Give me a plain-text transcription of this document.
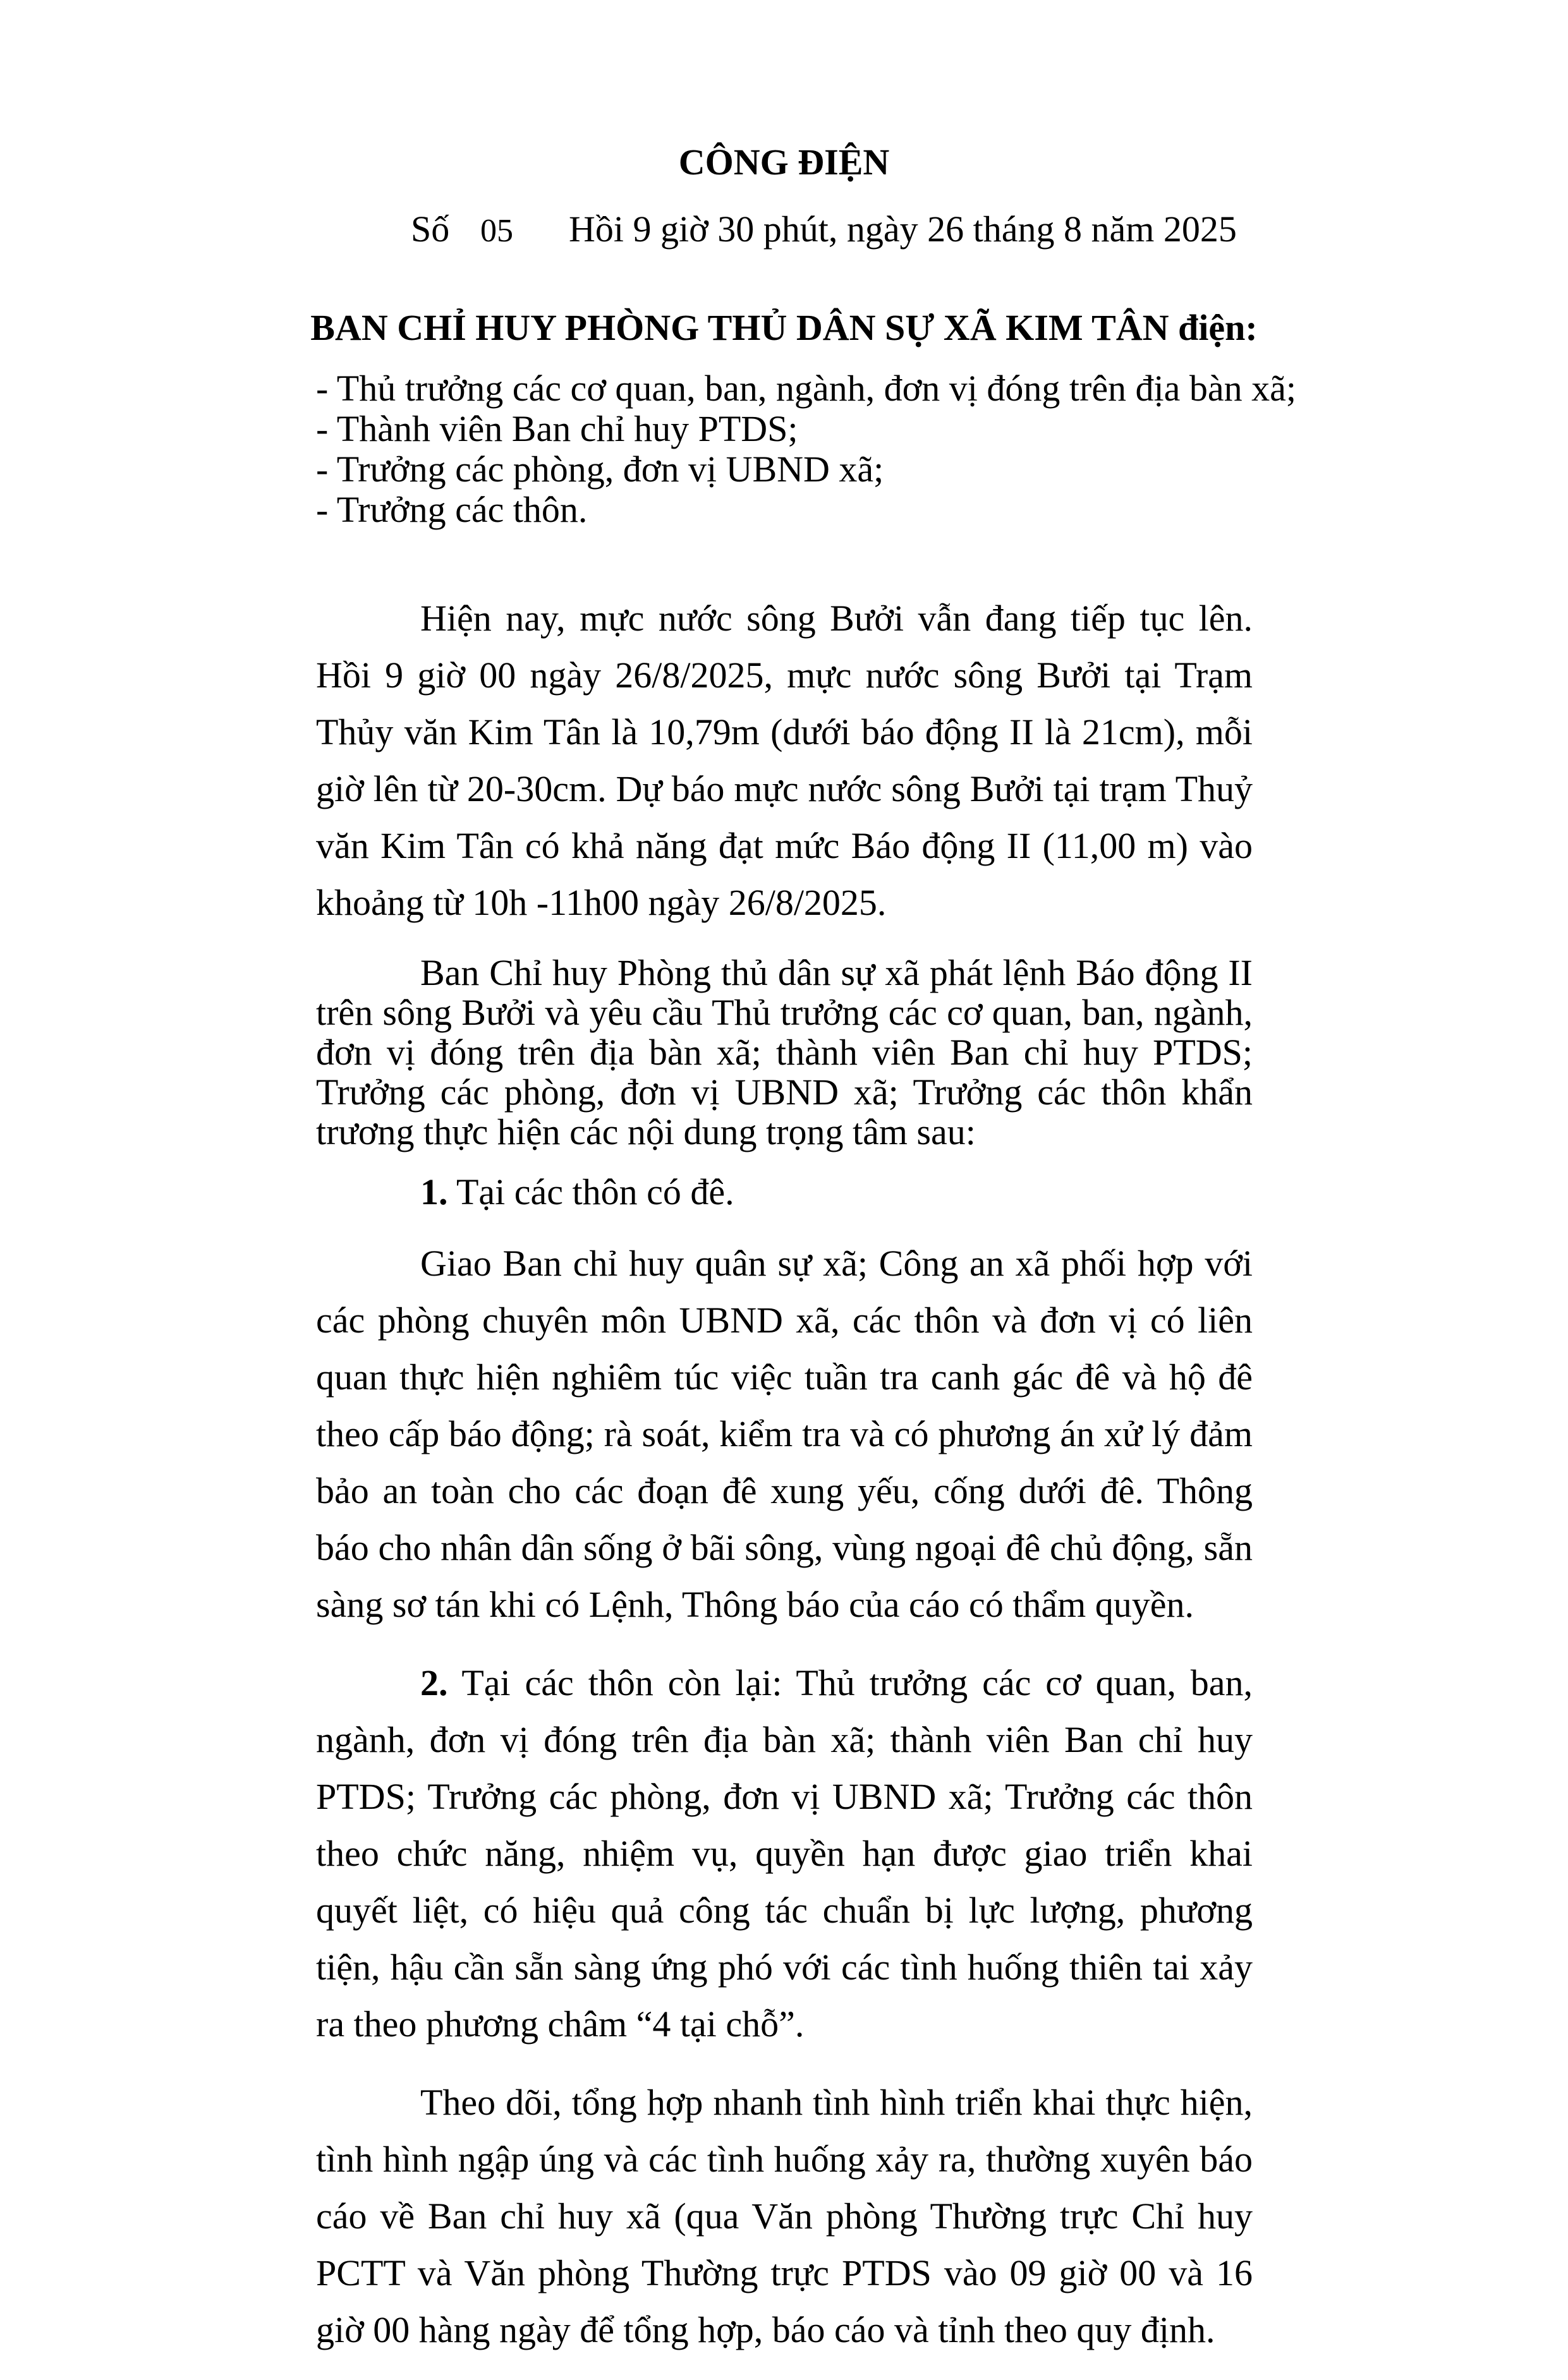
CÔNG ĐIỆN
Số 05 Hồi 9 giờ 30 phút, ngày 26 tháng 8 năm 2025
BAN CHỈ HUY PHÒNG THỦ DÂN SỰ XÃ KIM TÂN điện:
- Thủ trưởng các cơ quan, ban, ngành, đơn vị đóng trên địa bàn xã;
- Thành viên Ban chỉ huy PTDS;
- Trưởng các phòng, đơn vị UBND xã;
- Trưởng các thôn.

Hiện nay, mực nước sông Bưởi vẫn đang tiếp tục lên. Hồi 9 giờ 00 ngày 26/8/2025, mực nước sông Bưởi tại Trạm Thủy văn Kim Tân là 10,79m (dưới báo động II là 21cm), mỗi giờ lên từ 20-30cm. Dự báo mực nước sông Bưởi tại trạm Thuỷ văn Kim Tân có khả năng đạt mức Báo động II (11,00 m) vào khoảng từ 10h -11h00 ngày 26/8/2025.

Ban Chỉ huy Phòng thủ dân sự xã phát lệnh Báo động II trên sông Bưởi và yêu cầu Thủ trưởng các cơ quan, ban, ngành, đơn vị đóng trên địa bàn xã; thành viên Ban chỉ huy PTDS; Trưởng các phòng, đơn vị UBND xã; Trưởng các thôn khẩn trương thực hiện các nội dung trọng tâm sau:

1. Tại các thôn có đê.

Giao Ban chỉ huy quân sự xã; Công an xã phối hợp với các phòng chuyên môn UBND xã, các thôn và đơn vị có liên quan thực hiện nghiêm túc việc tuần tra canh gác đê và hộ đê theo cấp báo động; rà soát, kiểm tra và có phương án xử lý đảm bảo an toàn cho các đoạn đê xung yếu, cống dưới đê. Thông báo cho nhân dân sống ở bãi sông, vùng ngoại đê chủ động, sẵn sàng sơ tán khi có Lệnh, Thông báo của cáo có thẩm quyền.

2. Tại các thôn còn lại: Thủ trưởng các cơ quan, ban, ngành, đơn vị đóng trên địa bàn xã; thành viên Ban chỉ huy PTDS; Trưởng các phòng, đơn vị UBND xã; Trưởng các thôn theo chức năng, nhiệm vụ, quyền hạn được giao triển khai quyết liệt, có hiệu quả công tác chuẩn bị lực lượng, phương tiện, hậu cần sẵn sàng ứng phó với các tình huống thiên tai xảy ra theo phương châm “4 tại chỗ”.

Theo dõi, tổng hợp nhanh tình hình triển khai thực hiện, tình hình ngập úng và các tình huống xảy ra, thường xuyên báo cáo về Ban chỉ huy xã (qua Văn phòng Thường trực Chỉ huy PCTT và Văn phòng Thường trực PTDS vào 09 giờ 00 và 16 giờ 00 hàng ngày để tổng hợp, báo cáo và tỉnh theo quy định.
